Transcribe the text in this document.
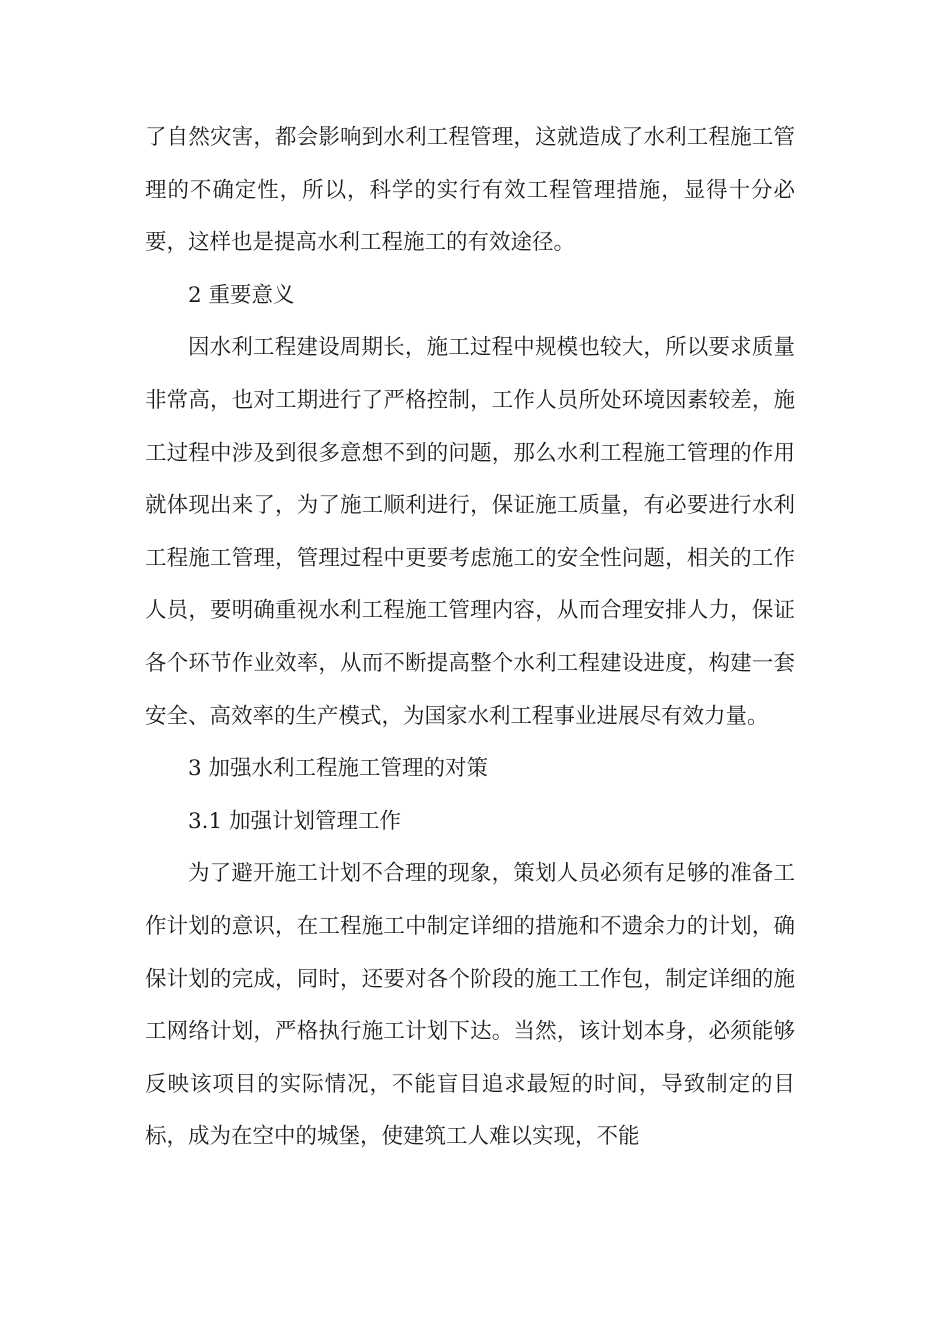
了自然灾害，都会影响到水利工程管理，这就造成了水利工程施工管理的不确定性，所以，科学的实行有效工程管理措施，显得十分必要，这样也是提高水利工程施工的有效途径。

2 重要意义

因水利工程建设周期长，施工过程中规模也较大，所以要求质量非常高，也对工期进行了严格控制，工作人员所处环境因素较差，施工过程中涉及到很多意想不到的问题，那么水利工程施工管理的作用就体现出来了，为了施工顺利进行，保证施工质量，有必要进行水利工程施工管理，管理过程中更要考虑施工的安全性问题，相关的工作人员，要明确重视水利工程施工管理内容，从而合理安排人力，保证各个环节作业效率，从而不断提高整个水利工程建设进度，构建一套安全、高效率的生产模式，为国家水利工程事业进展尽有效力量。

3 加强水利工程施工管理的对策

3.1 加强计划管理工作

为了避开施工计划不合理的现象，策划人员必须有足够的准备工作计划的意识，在工程施工中制定详细的措施和不遗余力的计划，确保计划的完成，同时，还要对各个阶段的施工工作包，制定详细的施工网络计划，严格执行施工计划下达。当然，该计划本身，必须能够反映该项目的实际情况，不能盲目追求最短的时间，导致制定的目标，成为在空中的城堡，使建筑工人难以实现，不能
